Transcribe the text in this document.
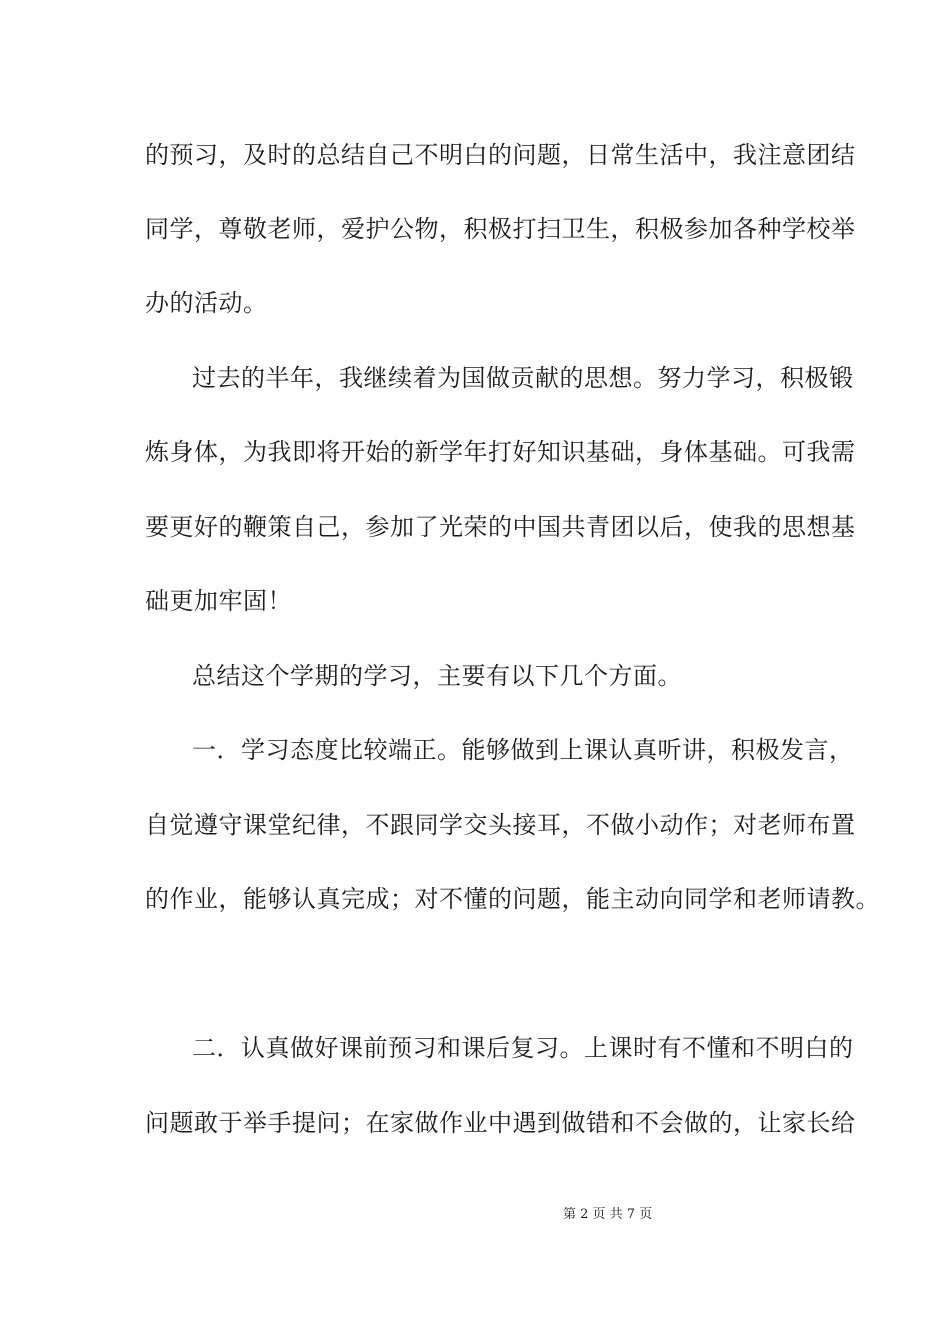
的预习，及时的总结自己不明白的问题，日常生活中，我注意团结
同学，尊敬老师，爱护公物，积极打扫卫生，积极参加各种学校举
办的活动。
过去的半年，我继续着为国做贡献的思想。努力学习，积极锻
炼身体，为我即将开始的新学年打好知识基础，身体基础。可我需
要更好的鞭策自己，参加了光荣的中国共青团以后，使我的思想基
础更加牢固！
总结这个学期的学习，主要有以下几个方面。
一．学习态度比较端正。能够做到上课认真听讲，积极发言，
自觉遵守课堂纪律，不跟同学交头接耳，不做小动作；对老师布置
的作业，能够认真完成；对不懂的问题，能主动向同学和老师请教。
二．认真做好课前预习和课后复习。上课时有不懂和不明白的
问题敢于举手提问；在家做作业中遇到做错和不会做的，让家长给
第 2 页 共 7 页
